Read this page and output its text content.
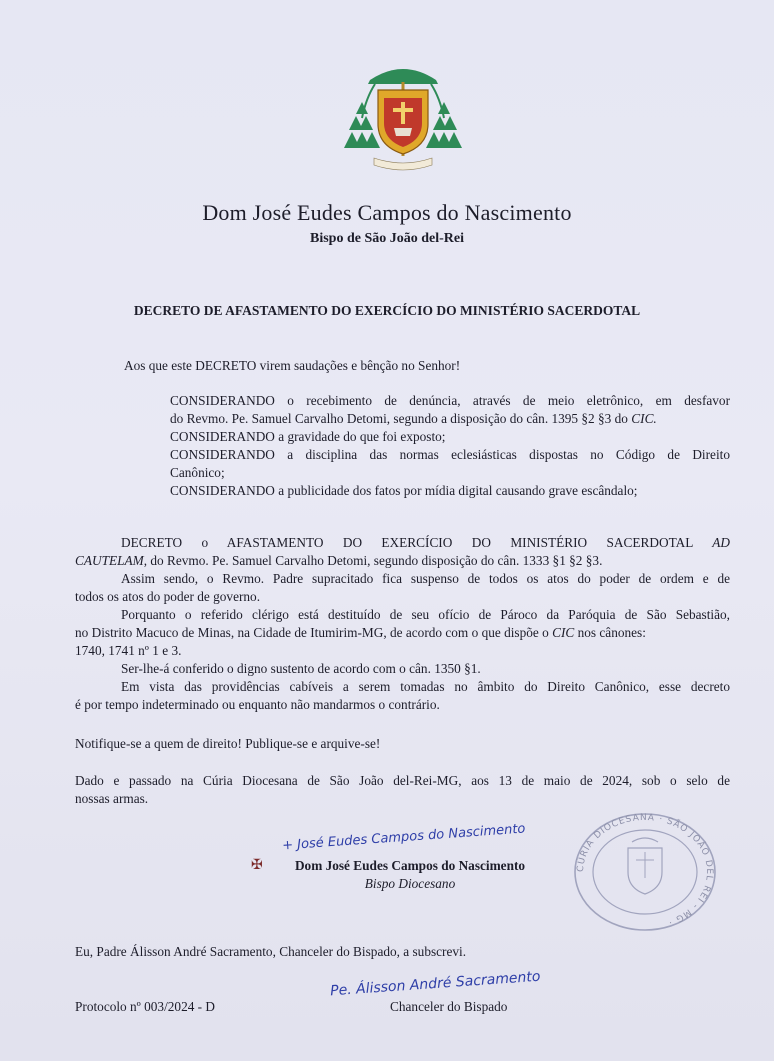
Dom José Eudes Campos do Nascimento
Bispo de São João del-Rei
DECRETO DE AFASTAMENTO DO EXERCÍCIO DO MINISTÉRIO SACERDOTAL

Aos que este DECRETO virem saudações e bênção no Senhor!

CONSIDERANDO o recebimento de denúncia, através de meio eletrônico, em desfavor

do Revmo. Pe. Samuel Carvalho Detomi, segundo a disposição do cân. 1395 §2 §3 do CIC.

CONSIDERANDO a gravidade do que foi exposto;

CONSIDERANDO a disciplina das normas eclesiásticas dispostas no Código de Direito

Canônico;

CONSIDERANDO a publicidade dos fatos por mídia digital causando grave escândalo;

DECRETO o AFASTAMENTO DO EXERCÍCIO DO MINISTÉRIO SACERDOTAL AD

CAUTELAM, do Revmo. Pe. Samuel Carvalho Detomi, segundo disposição do cân. 1333 §1 §2 §3.

Assim sendo, o Revmo. Padre supracitado fica suspenso de todos os atos do poder de ordem e de

todos os atos do poder de governo.

Porquanto o referido clérigo está destituído de seu ofício de Pároco da Paróquia de São Sebastião,

no Distrito Macuco de Minas, na Cidade de Itumirim-MG, de acordo com o que dispõe o CIC nos cânones:

1740, 1741 nº 1 e 3.

Ser-lhe-á conferido o digno sustento de acordo com o cân. 1350 §1.

Em vista das providências cabíveis a serem tomadas no âmbito do Direito Canônico, esse decreto

é por tempo indeterminado ou enquanto não mandarmos o contrário.

Notifique-se a quem de direito! Publique-se e arquive-se!

Dado e passado na Cúria Diocesana de São João del-Rei-MG, aos 13 de maio de 2024, sob o selo de

nossas armas.

+ José Eudes Campos do Nascimento
✠	Dom José Eudes Campos do Nascimento
Bispo Diocesano
CÚRIA DIOCESANA · SÃO JOÃO DEL REI - MG ·
Eu, Padre Álisson André Sacramento, Chanceler do Bispado, a subscrevi.
Pe. Álisson André Sacramento
Protocolo nº 003/2024 - D	Chanceler do Bispado
